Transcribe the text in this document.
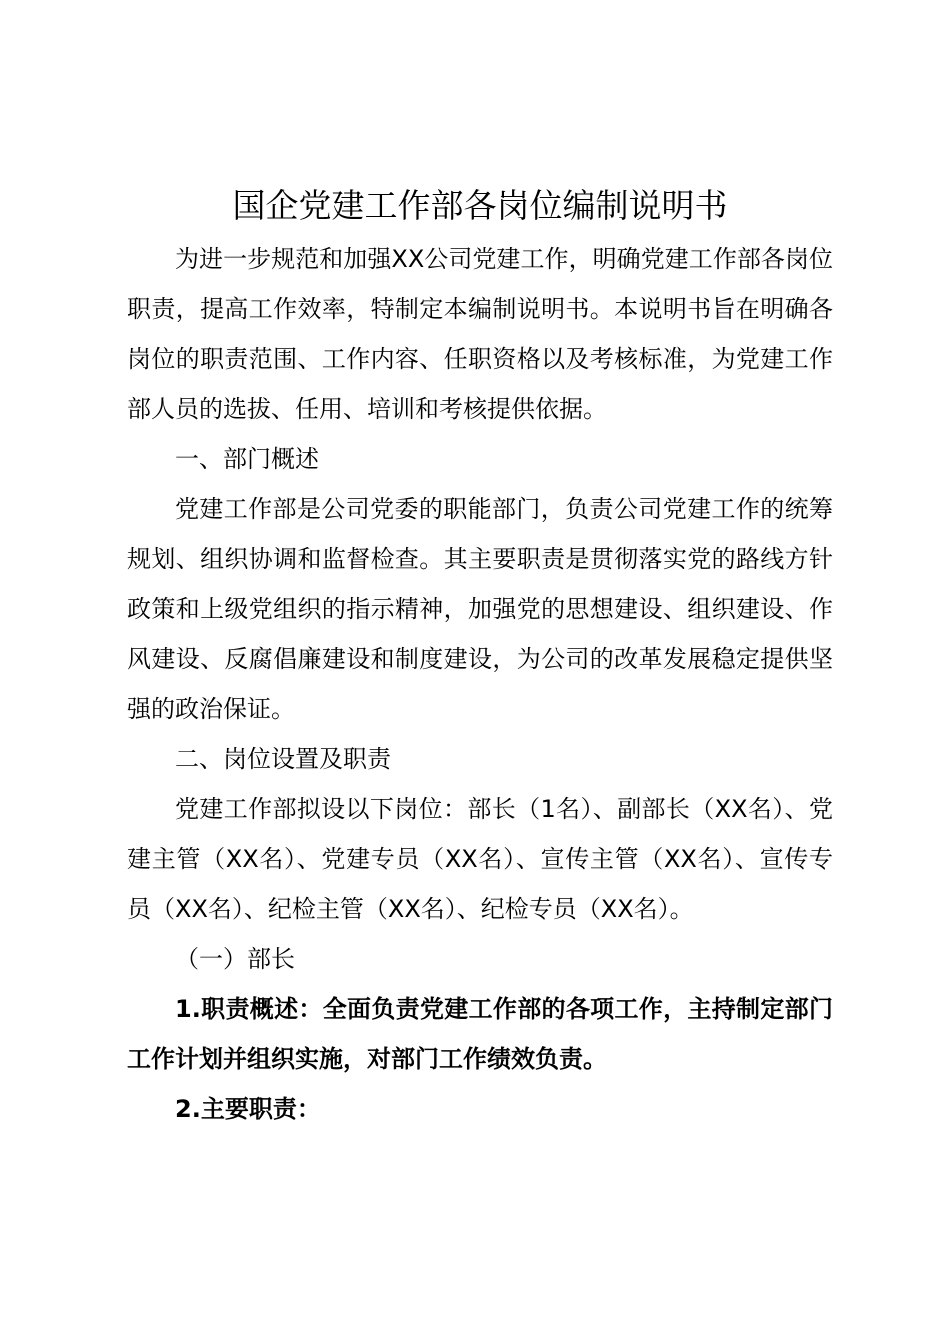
国企党建工作部各岗位编制说明书

为进一步规范和加强XX公司党建工作，明确党建工作部各岗位职责，提高工作效率，特制定本编制说明书。本说明书旨在明确各岗位的职责范围、工作内容、任职资格以及考核标准，为党建工作部人员的选拔、任用、培训和考核提供依据。

一、部门概述

党建工作部是公司党委的职能部门，负责公司党建工作的统筹规划、组织协调和监督检查。其主要职责是贯彻落实党的路线方针政策和上级党组织的指示精神，加强党的思想建设、组织建设、作风建设、反腐倡廉建设和制度建设，为公司的改革发展稳定提供坚强的政治保证。

二、岗位设置及职责

党建工作部拟设以下岗位：部长（1名）、副部长（XX名）、党建主管（XX名）、党建专员（XX名）、宣传主管（XX名）、宣传专员（XX名）、纪检主管（XX名）、纪检专员（XX名）。

（一）部长

1.职责概述：全面负责党建工作部的各项工作，主持制定部门工作计划并组织实施，对部门工作绩效负责。

2.主要职责：
